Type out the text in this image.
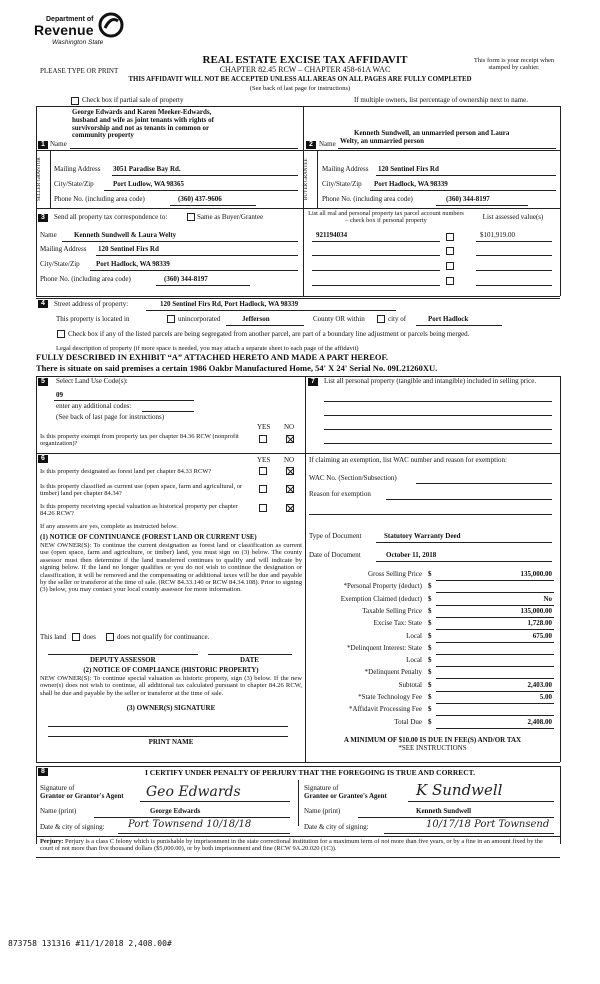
Department of
Revenue
Washington State
REAL ESTATE EXCISE TAX AFFIDAVIT
CHAPTER 82.45 RCW – CHAPTER 458-61A WAC
PLEASE TYPE OR PRINT
This form is your receipt when stamped by cashier.
THIS AFFIDAVIT WILL NOT BE ACCEPTED UNLESS ALL AREAS ON ALL PAGES ARE FULLY COMPLETED
(See back of last page for instructions)
Check box if partial sale of property	If multiple owners, list percentage of ownership next to name.
1 Name
George Edwards and Karen Meeker-Edwards,
husband and wife as joint tenants with rights of
survivorship and not as tenants in common or
community property
SELLER GRANTOR	Mailing Address 3051 Paradise Bay Rd.
City/State/Zip	Port Ludlow, WA 98365
Phone No. (including area code)	(360) 437-9606
2 Name
Kenneth Sundwell, an unmarried person and Laura
Welty, an unmarried person
BUYER GRANTEE	Mailing Address 120 Sentinel Firs Rd
City/State/Zip Port Hadlock, WA 98339
Phone No. (including area code)	(360) 344-8197
3	Send all property tax correspondence to:	Same as Buyer/Grantee
Name Kenneth Sundwell & Laura Welty
Mailing Address 120 Sentinel Firs Rd
City/State/Zip Port Hadlock, WA 98339
Phone No. (including area code)	(360) 344-8197
List all real and personal property tax parcel account numbers – check box if personal property	List assessed value(s)
921194034	$101,919.00
4	Street address of property:	120 Sentinel Firs Rd, Port Hadlock, WA 98339
This property is located in	unincorporated	Jefferson	County OR within	city of	Port Hadlock
Check box if any of the listed parcels are being segregated from another parcel, are part of a boundary line adjustment or parcels being merged.
Legal description of property (if more space is needed, you may attach a separate sheet to each page of the affidavit)
FULLY DESCRIBED IN EXHIBIT “A” ATTACHED HERETO AND MADE A PART HEREOF.
There is situate on said premises a certain 1986 Oakbr Manufactured Home, 54' X 24' Serial No. 09L21260XU.
5	Select Land Use Code(s):
09
enter any additional codes:
(See back of last page for instructions)
YES NO
Is this property exempt from property tax per chapter 84.36 RCW (nonprofit organization)?
6	YES NO
Is this property designated as forest land per chapter 84.33 RCW?
Is this property classified as current use (open space, farm and agricultural, or timber) land per chapter 84.34?
Is this property receiving special valuation as historical property per chapter 84.26 RCW?
If any answers are yes, complete as instructed below.
(1) NOTICE OF CONTINUANCE (FOREST LAND OR CURRENT USE)
NEW OWNER(S): To continue the current designation as forest land or classification as current use (open space, farm and agriculture, or timber) land, you must sign on (3) below. The county assessor must then determine if the land transferred continues to qualify and will indicate by signing below. If the land no longer qualifies or you do not wish to continue the designation or classification, it will be removed and the compensating or additional taxes will be due and payable by the seller or transferor at the time of sale. (RCW 84.33.140 or RCW 84.34.108). Prior to signing (3) below, you may contact your local county assessor for more information.
This land does	does not qualify for continuance.
DEPUTY ASSESSOR	DATE
(2) NOTICE OF COMPLIANCE (HISTORIC PROPERTY)
NEW OWNER(S): To continue special valuation as historic property, sign (3) below. If the new owner(s) does not wish to continue, all additional tax calculated pursuant to chapter 84.26 RCW, shall be due and payable by the seller or transferor at the time of sale.
(3) OWNER(S) SIGNATURE
PRINT NAME
7	List all personal property (tangible and intangible) included in selling price.
If claiming an exemption, list WAC number and reason for exemption:
WAC No. (Section/Subsection)
Reason for exemption
Type of Document	Statutory Warranty Deed
Date of Document	October 11, 2018
Gross Selling Price $	135,000.00
*Personal Property (deduct) $
Exemption Claimed (deduct) $	No
Taxable Selling Price $	135,000.00
Excise Tax: State $	1,728.00
Local $	675.00
*Delinquent Interest: State $
Local $
*Delinquent Penalty $
Subtotal $	2,403.00
*State Technology Fee $	5.00
*Affidavit Processing Fee $
Total Due $	2,408.00
A MINIMUM OF $10.00 IS DUE IN FEE(S) AND/OR TAX
*SEE INSTRUCTIONS
8	I CERTIFY UNDER PENALTY OF PERJURY THAT THE FOREGOING IS TRUE AND CORRECT.
Signature of
Grantor or Grantor's Agent Geo Edwards
Name (print)	George Edwards
Date & city of signing: Port Townsend 10/18/18
Signature of
Grantee or Grantee's Agent K Sundwell
Name (print)	Kenneth Sundwell
Date & city of signing:	10/17/18 Port Townsend
Perjury: Perjury is a class C felony which is punishable by imprisonment in the state correctional institution for a maximum term of not more than five years, or by a fine in an amount fixed by the court of not more than five thousand dollars ($5,000.00), or by both imprisonment and fine (RCW 9A.20.020 (1C)).
873758 131316 #11/1/2018 2,408.00#
